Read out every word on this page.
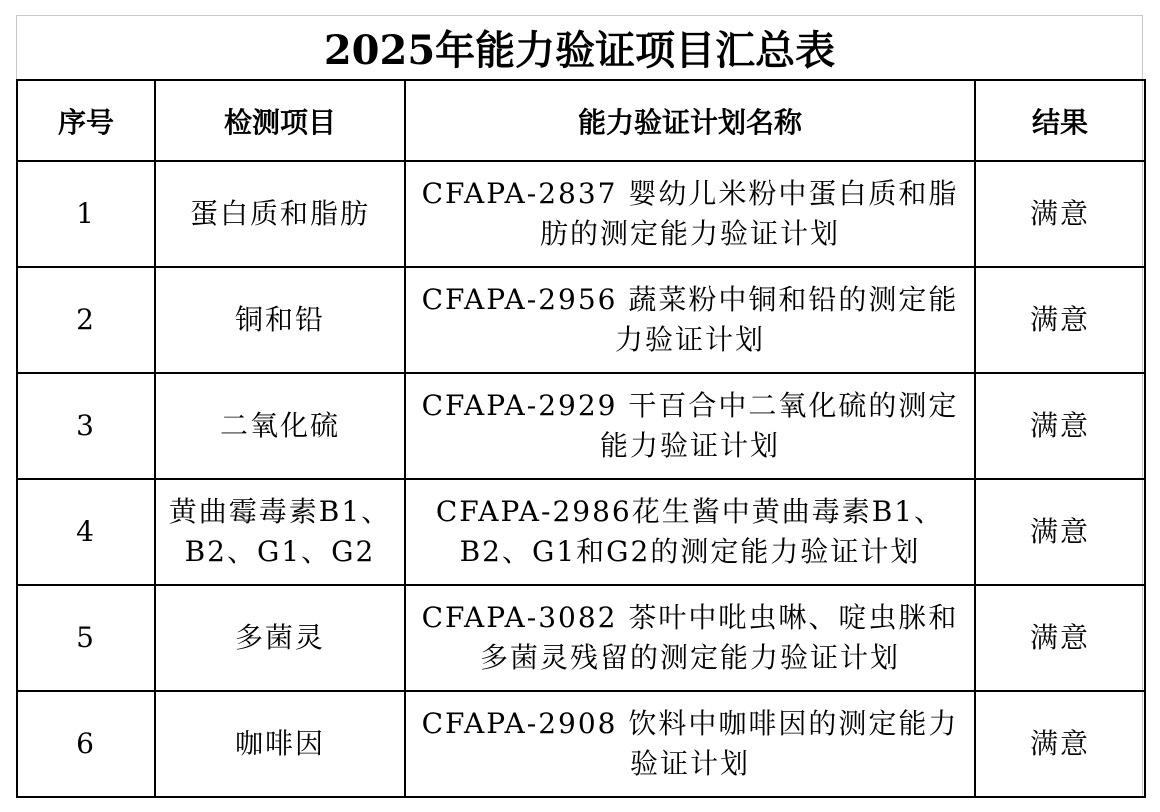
2025年能力验证项目汇总表
序号	检测项目	能力验证计划名称	结果
1	蛋白质和脂肪	CFAPA-2837 婴幼儿米粉中蛋白质和脂肪的测定能力验证计划	满意
2	铜和铅	CFAPA-2956 蔬菜粉中铜和铅的测定能力验证计划	满意
3	二氧化硫	CFAPA-2929 干百合中二氧化硫的测定能力验证计划	满意
4	黄曲霉毒素B1、B2、G1、G2	CFAPA-2986花生酱中黄曲毒素B1、B2、G1和G2的测定能力验证计划	满意
5	多菌灵	CFAPA-3082 茶叶中吡虫啉、啶虫脒和多菌灵残留的测定能力验证计划	满意
6	咖啡因	CFAPA-2908 饮料中咖啡因的测定能力验证计划	满意
